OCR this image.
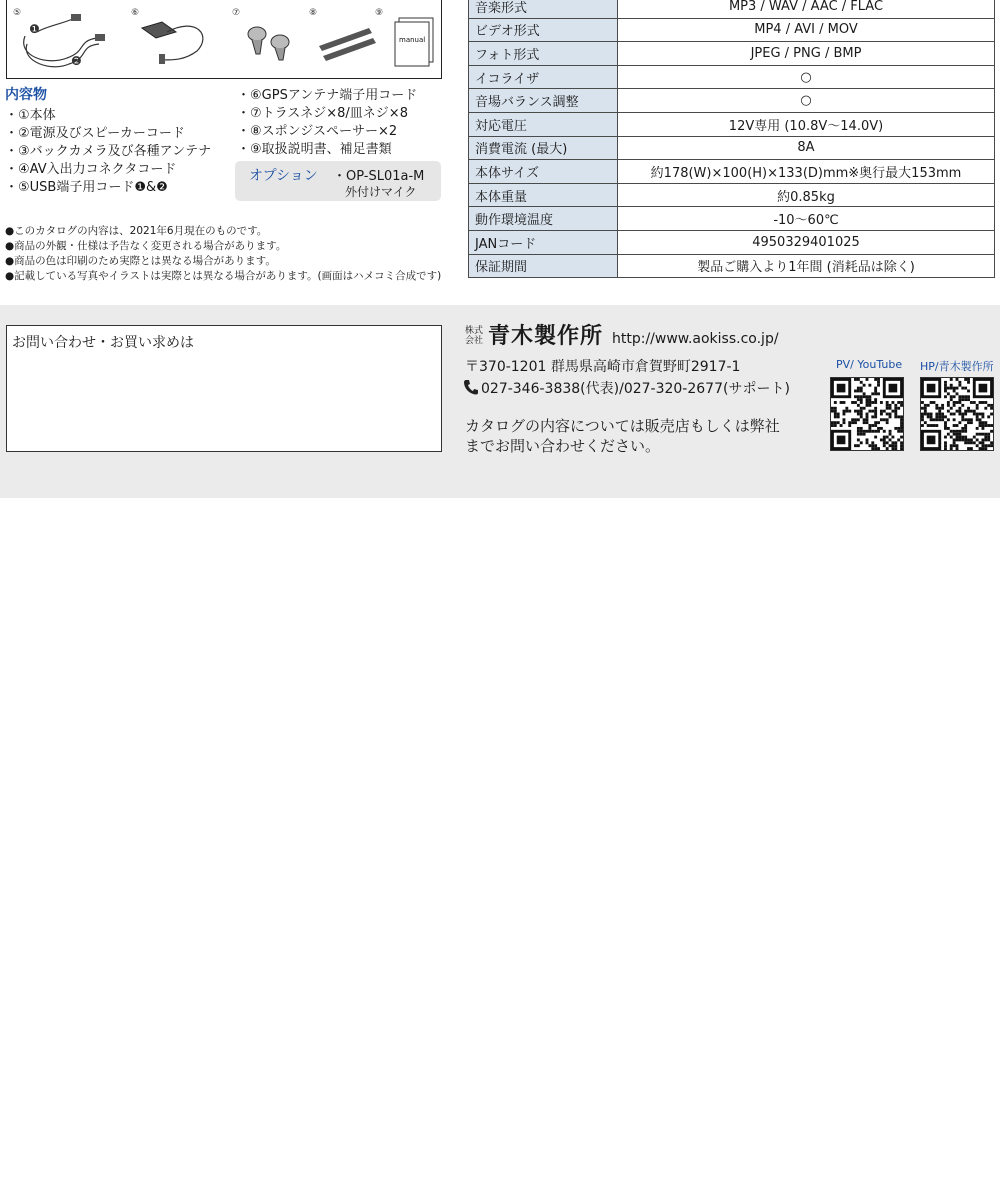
⑤	⑥	⑦	⑧	⑨
❶
❷
manual
内容物
・①本体
・②電源及びスピーカーコード
・③バックカメラ及び各種アンテナ
・④AV入出力コネクタコード
・⑤USB端子用コード❶&❷
・⑥GPSアンテナ端子用コード
・⑦トラスネジ×8/皿ネジ×8
・⑧スポンジスペーサー×2
・⑨取扱説明書、補足書類
オプション ・OP-SL01a-M
外付けマイク
●このカタログの内容は、2021年6月現在のものです。
●商品の外観・仕様は予告なく変更される場合があります。
●商品の色は印刷のため実際とは異なる場合があります。
●記載している写真やイラストは実際とは異なる場合があります。(画面はハメコミ合成です)
音楽形式	MP3 / WAV / AAC / FLAC
ビデオ形式	MP4 / AVI / MOV
フォト形式	JPEG / PNG / BMP
イコライザ	○
音場バランス調整	○
対応電圧	12V専用 (10.8V〜14.0V)
消費電流 (最大)	8A
本体サイズ	約178(W)×100(H)×133(D)mm※奥行最大153mm
本体重量	約0.85kg
動作環境温度	-10〜60℃
JANコード	4950329401025
保証期間	製品ご購入より1年間 (消耗品は除く)
お問い合わせ・お買い求めは
株式会社 青木製作所 http://www.aokiss.co.jp/
〒370-1201 群馬県高崎市倉賀野町2917-1
027-346-3838(代表)/027-320-2677(サポート)
カタログの内容については販売店もしくは弊社までお問い合わせください。
PV/ YouTube HP/青木製作所
